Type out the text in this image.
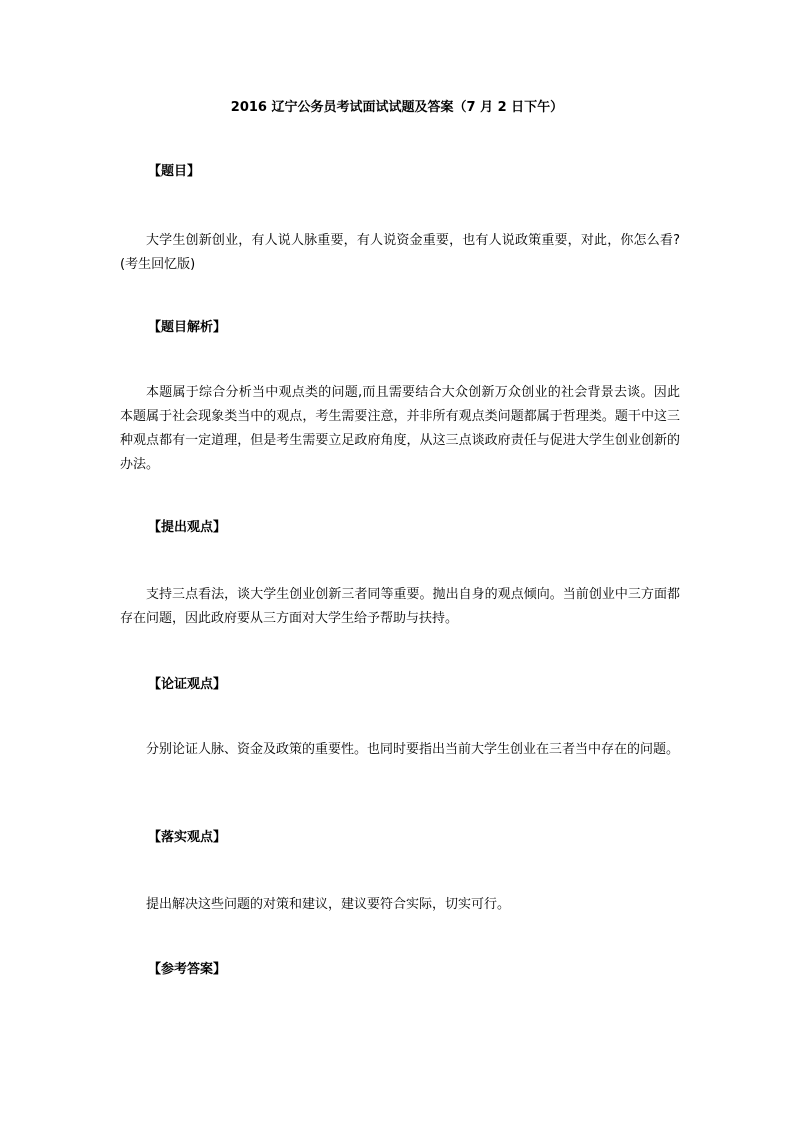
2016 辽宁公务员考试面试试题及答案（7 月 2 日下午）
【题目】
大学生创新创业，有人说人脉重要，有人说资金重要，也有人说政策重要，对此，你怎么看?(考生回忆版)
【题目解析】
本题属于综合分析当中观点类的问题,而且需要结合大众创新万众创业的社会背景去谈。因此本题属于社会现象类当中的观点，考生需要注意，并非所有观点类问题都属于哲理类。题干中这三种观点都有一定道理，但是考生需要立足政府角度，从这三点谈政府责任与促进大学生创业创新的办法。
【提出观点】
支持三点看法，谈大学生创业创新三者同等重要。抛出自身的观点倾向。当前创业中三方面都存在问题，因此政府要从三方面对大学生给予帮助与扶持。
【论证观点】
分别论证人脉、资金及政策的重要性。也同时要指出当前大学生创业在三者当中存在的问题。
【落实观点】
提出解决这些问题的对策和建议，建议要符合实际，切实可行。
【参考答案】
